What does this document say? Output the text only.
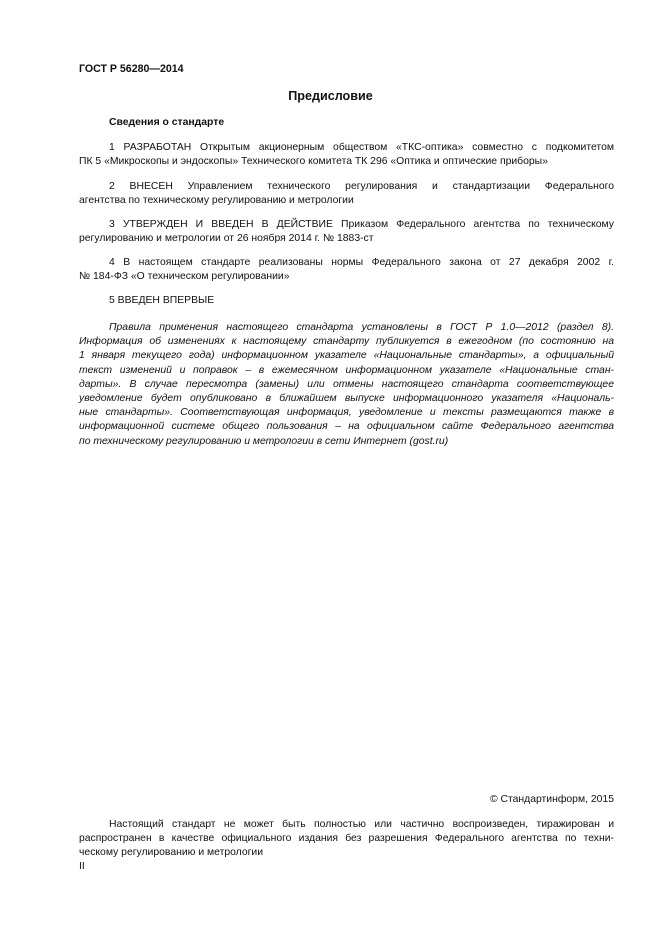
ГОСТ Р 56280—2014
Предисловие
Сведения о стандарте
1 РАЗРАБОТАН Открытым акционерным обществом «ТКС-оптика» совместно с подкомитетом
ПК 5 «Микроскопы и эндоскопы» Технического комитета ТК 296 «Оптика и оптические приборы»
2 ВНЕСЕН Управлением технического регулирования и стандартизации Федерального
агентства по техническому регулированию и метрологии
3 УТВЕРЖДЕН И ВВЕДЕН В ДЕЙСТВИЕ Приказом Федерального агентства по техническому
регулированию и метрологии от 26 ноября 2014 г. № 1883-ст
4 В настоящем стандарте реализованы нормы Федерального закона от 27 декабря 2002 г.
№ 184-ФЗ «О техническом регулировании»
5 ВВЕДЕН ВПЕРВЫЕ
Правила применения настоящего стандарта установлены в ГОСТ Р 1.0—2012 (раздел 8).
Информация об изменениях к настоящему стандарту публикуется в ежегодном (по состоянию на
1 января текущего года) информационном указателе «Национальные стандарты», а официальный
текст изменений и поправок – в ежемесячном информационном указателе «Национальные стан-
дарты». В случае пересмотра (замены) или отмены настоящего стандарта соответствующее
уведомление будет опубликовано в ближайшем выпуске информационного указателя «Националь-
ные стандарты». Соответствующая информация, уведомление и тексты размещаются также в
информационной системе общего пользования – на официальном сайте Федерального агентства
по техническому регулированию и метрологии в сети Интернет (gost.ru)
© Стандартинформ, 2015
Настоящий стандарт не может быть полностью или частично воспроизведен, тиражирован и
распространен в качестве официального издания без разрешения Федерального агентства по техни-
ческому регулированию и метрологии
II
